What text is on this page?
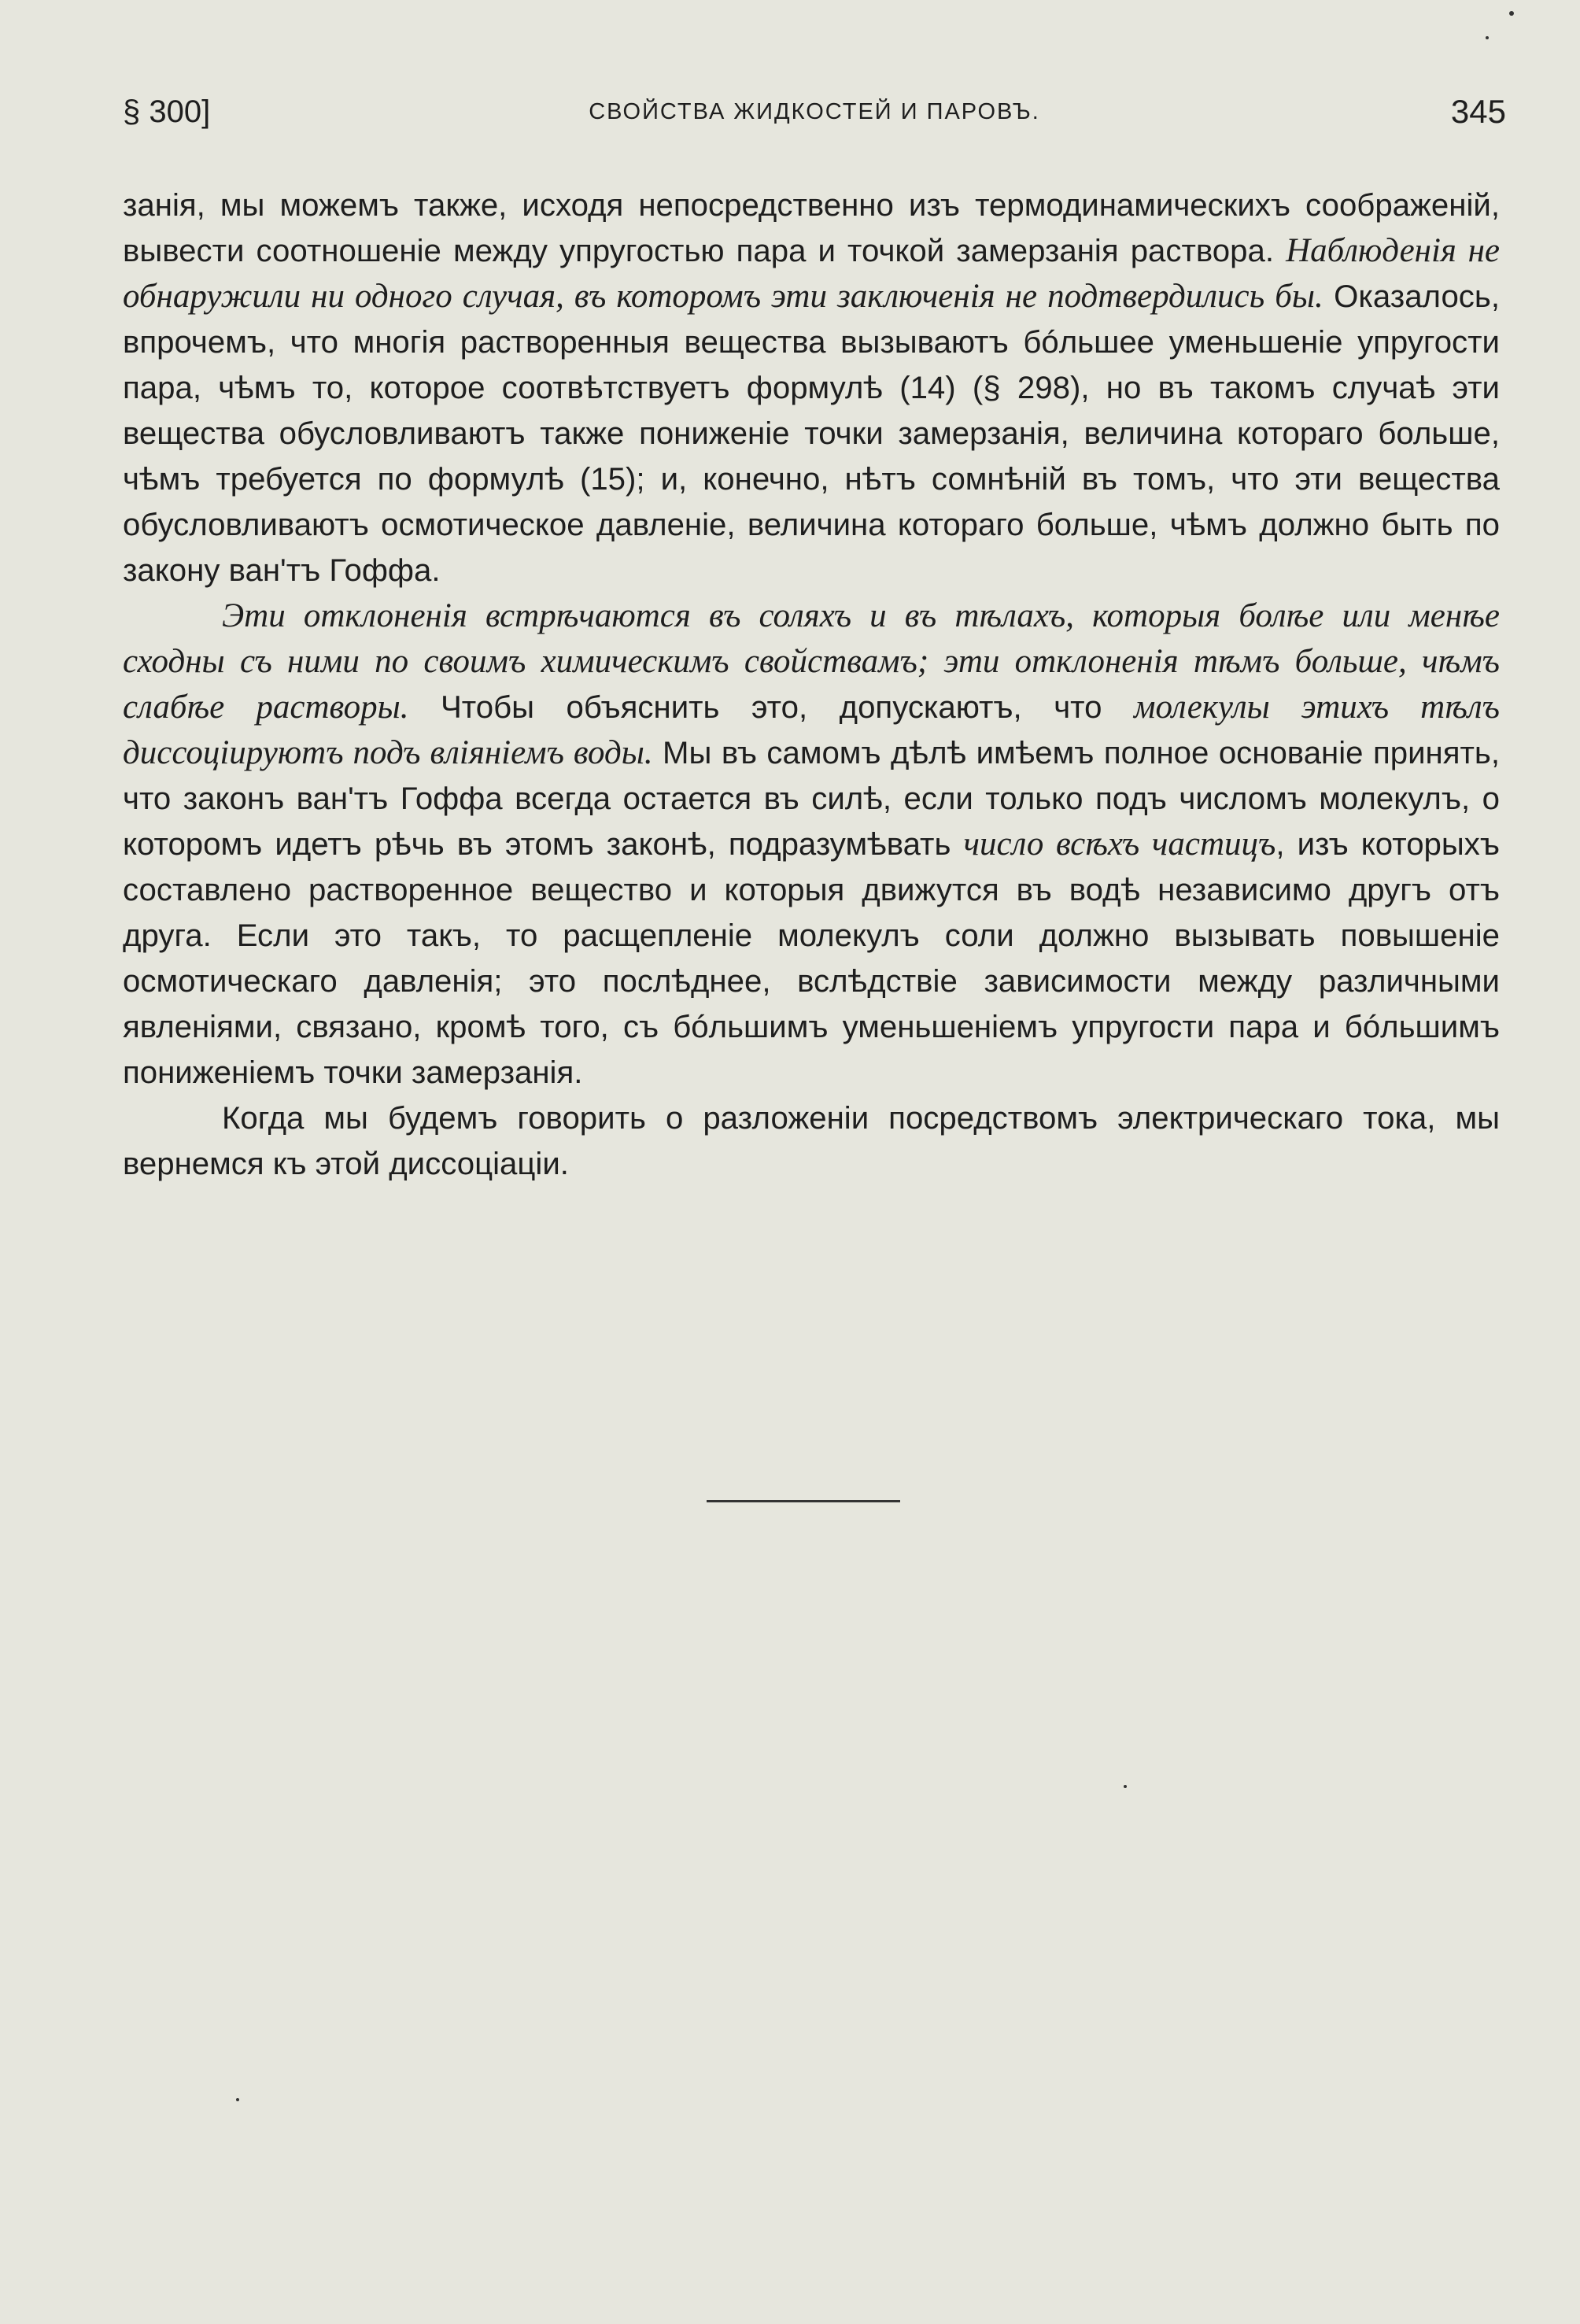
§ 300]	СВОЙСТВА ЖИДКОСТЕЙ И ПАРОВЪ.	345

занія, мы можемъ также, исходя непосредственно изъ термодинамическихъ соображеній, вывести соотношеніе между упругостью пара и точкой замерзанія раствора. Наблюденія не обнаружили ни одного случая, въ которомъ эти заключенія не подтвердились бы. Оказалось, впрочемъ, что многія растворенныя вещества вызываютъ бóльшее уменьшеніе упругости пара, чѣмъ то, которое соотвѣтствуетъ формулѣ (14) (§ 298), но въ такомъ случаѣ эти вещества обусловливаютъ также пониженіе точки замерзанія, величина котораго больше, чѣмъ требуется по формулѣ (15); и, конечно, нѣтъ сомнѣній въ томъ, что эти вещества обусловливаютъ осмотическое давленіе, величина котораго больше, чѣмъ должно быть по закону ван'тъ Гоффа.

Эти отклоненія встрѣчаются въ соляхъ и въ тѣлахъ, которыя болѣе или менѣе сходны съ ними по своимъ химическимъ свойствамъ; эти отклоненія тѣмъ больше, чѣмъ слабѣе растворы. Чтобы объяснить это, допускаютъ, что молекулы этихъ тѣлъ диссоціируютъ подъ вліяніемъ воды. Мы въ самомъ дѣлѣ имѣемъ полное основаніе принять, что законъ ван'тъ Гоффа всегда остается въ силѣ, если только подъ числомъ молекулъ, о которомъ идетъ рѣчь въ этомъ законѣ, подразумѣвать число всѣхъ частицъ, изъ которыхъ составлено растворенное вещество и которыя движутся въ водѣ независимо другъ отъ друга. Если это такъ, то расщепленіе молекулъ соли должно вызывать повышеніе осмотическаго давленія; это послѣднее, вслѣдствіе зависимости между различными явленіями, связано, кромѣ того, съ бóльшимъ уменьшеніемъ упругости пара и бóльшимъ пониженіемъ точки замерзанія.

Когда мы будемъ говорить о разложеніи посредствомъ электрическаго тока, мы вернемся къ этой диссоціаціи.
